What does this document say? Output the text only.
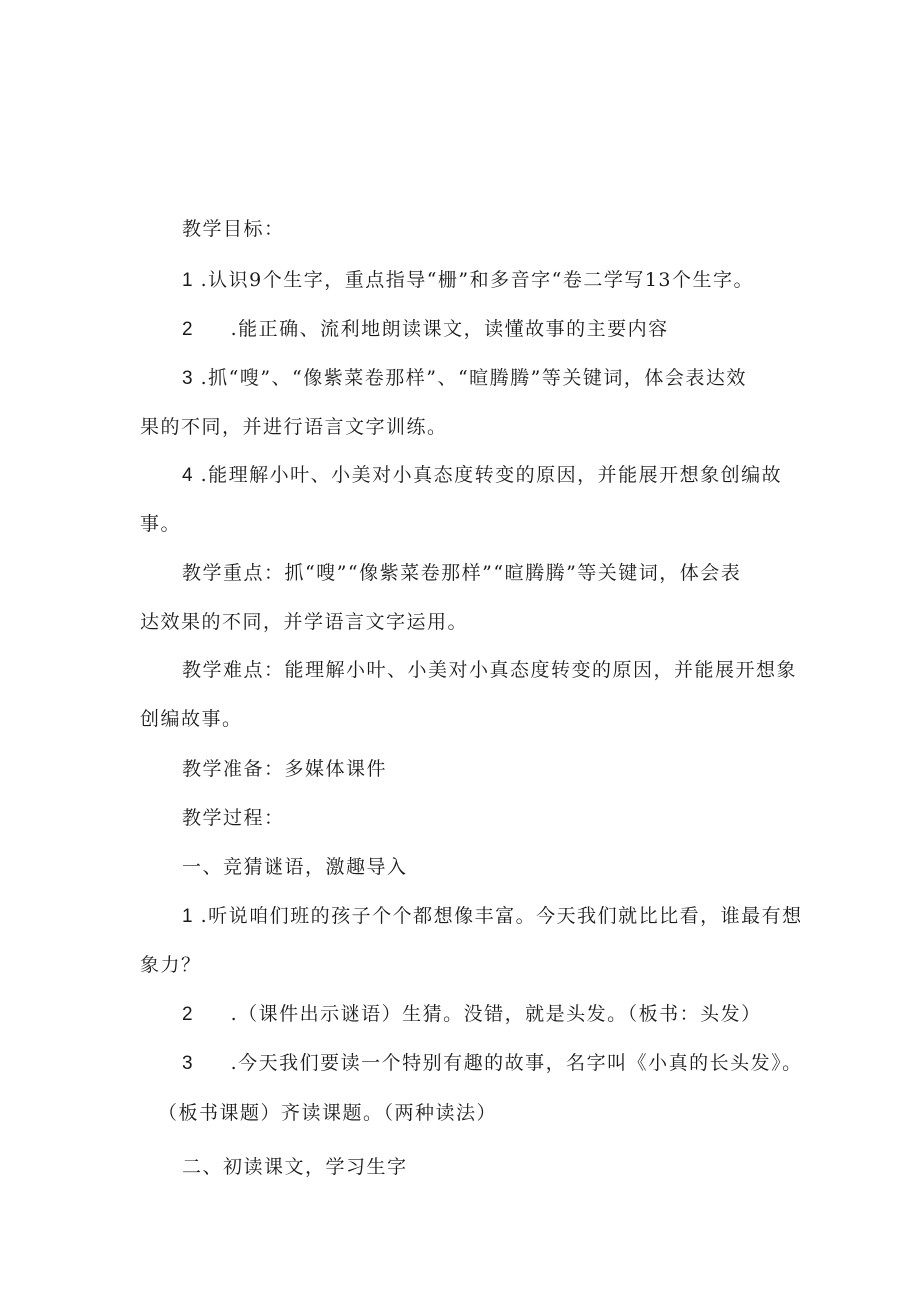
教学目标：
1 .认识9个生字，重点指导“栅”和多音字“卷二学写13个生字。
2 .能正确、流利地朗读课文，读懂故事的主要内容
3 .抓“嗖”、“像紫菜卷那样”、“暄腾腾”等关键词，体会表达效
果的不同，并进行语言文字训练。
4 .能理解小叶、小美对小真态度转变的原因，并能展开想象创编故
事。
教学重点：抓“嗖”“像紫菜卷那样”“暄腾腾”等关键词，体会表
达效果的不同，并学语言文字运用。
教学难点：能理解小叶、小美对小真态度转变的原因，并能展开想象
创编故事。
教学准备：多媒体课件
教学过程：
一、竞猜谜语，激趣导入
1 .听说咱们班的孩子个个都想像丰富。今天我们就比比看，谁最有想
象力？
2 .（课件出示谜语）生猜。没错，就是头发。（板书：头发）
3 .今天我们要读一个特别有趣的故事，名字叫《小真的长头发》。
（板书课题）齐读课题。（两种读法）
二、初读课文，学习生字
